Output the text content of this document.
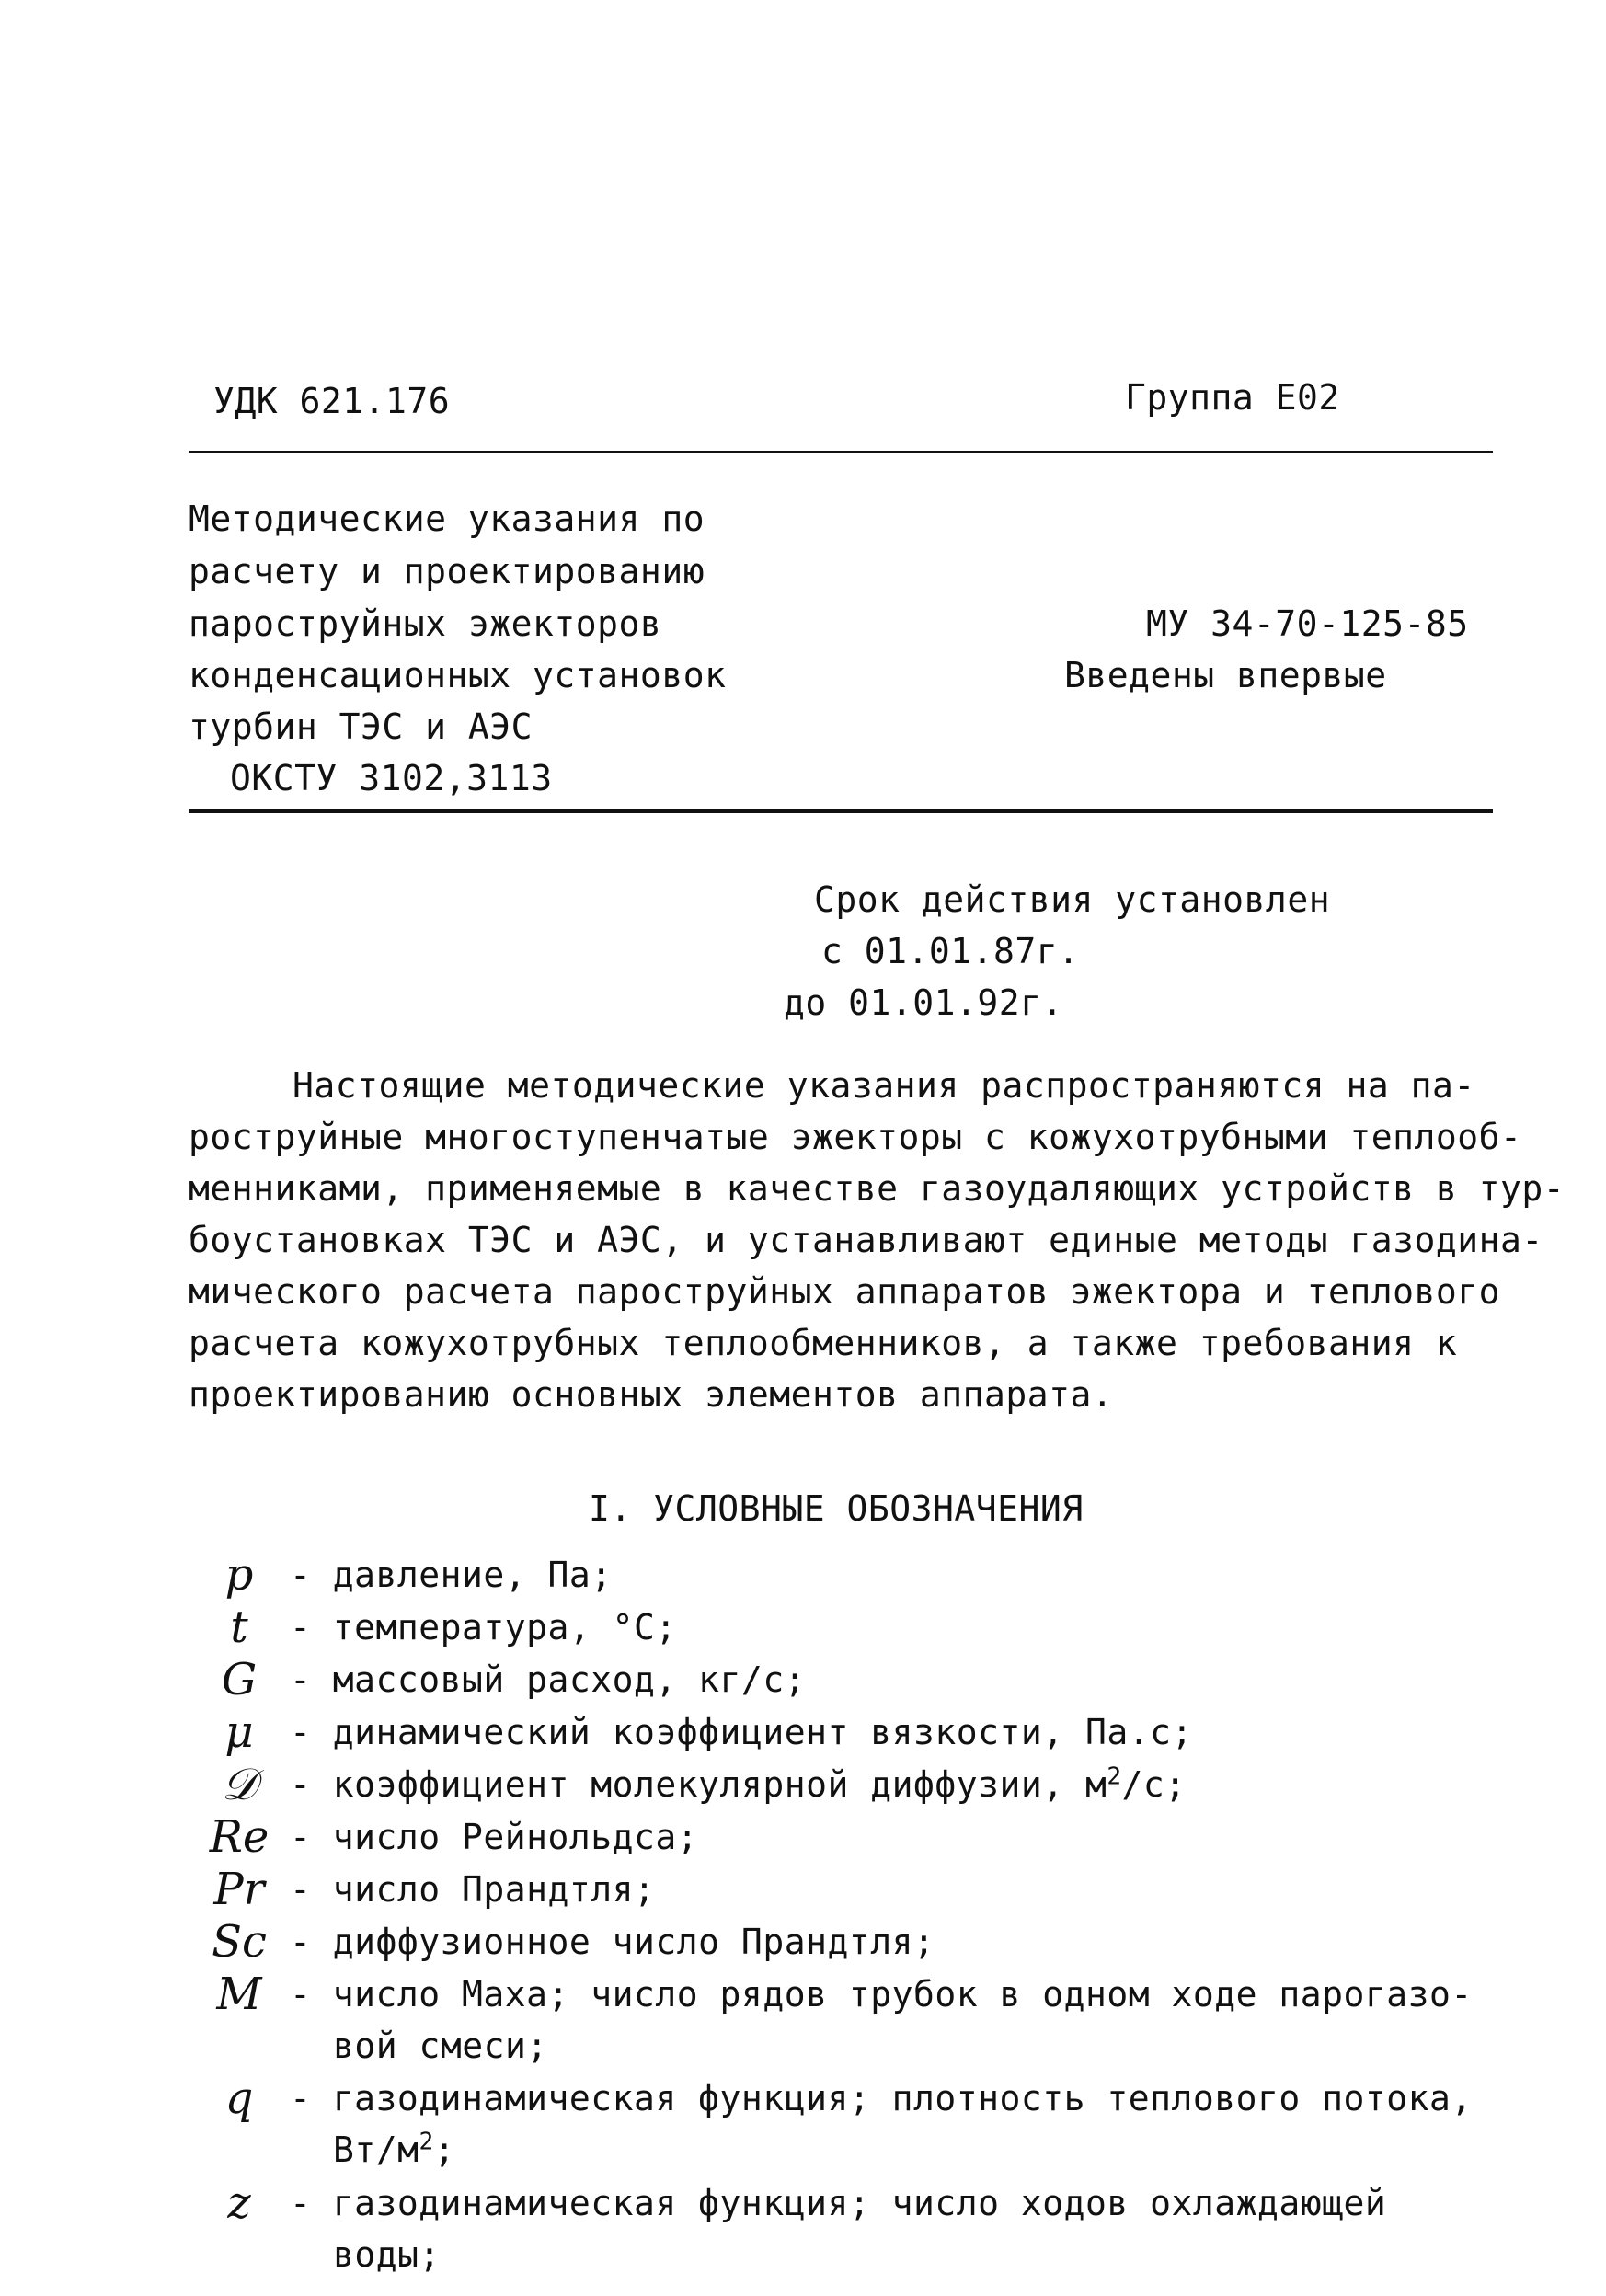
УДК 621.176	Группа Е02
Методические указания по
расчету и проектированию
пароструйных эжекторов
конденсационных установок
турбин ТЭС и АЭС
ОКСТУ 3102,3113
МУ 34-70-125-85
Введены впервые
Срок действия установлен
с 01.01.87г.
до 01.01.92г.
Настоящие методические указания распространяются на па-
роструйные многоступенчатые эжекторы с кожухотрубными теплооб-
менниками, применяемые в качестве газоудаляющих устройств в тур-
боустановках ТЭС и АЭС, и устанавливают единые методы газодина-
мического расчета пароструйных аппаратов эжектора и теплового
расчета кожухотрубных теплообменников, а также требования к
проектированию основных элементов аппарата.
I. УСЛОВНЫЕ ОБОЗНАЧЕНИЯ
p	- давление, Па;
t	- температура, °С;
G - массовый расход, кг/с;
μ	- динамический коэффициент вязкости, Па.с;
𝒟 - коэффициент молекулярной диффузии, $м^2/с$;
Re - число Рейнольдса;
Pr - число Прандтля;
Sc - диффузионное число Прандтля;
M - число Маха; число рядов трубок в одном ходе парогазо-
вой смеси;
q	- газодинамическая функция; плотность теплового потока,
$Вт/м^2$;
z	- газодинамическая функция; число ходов охлаждающей
воды;
